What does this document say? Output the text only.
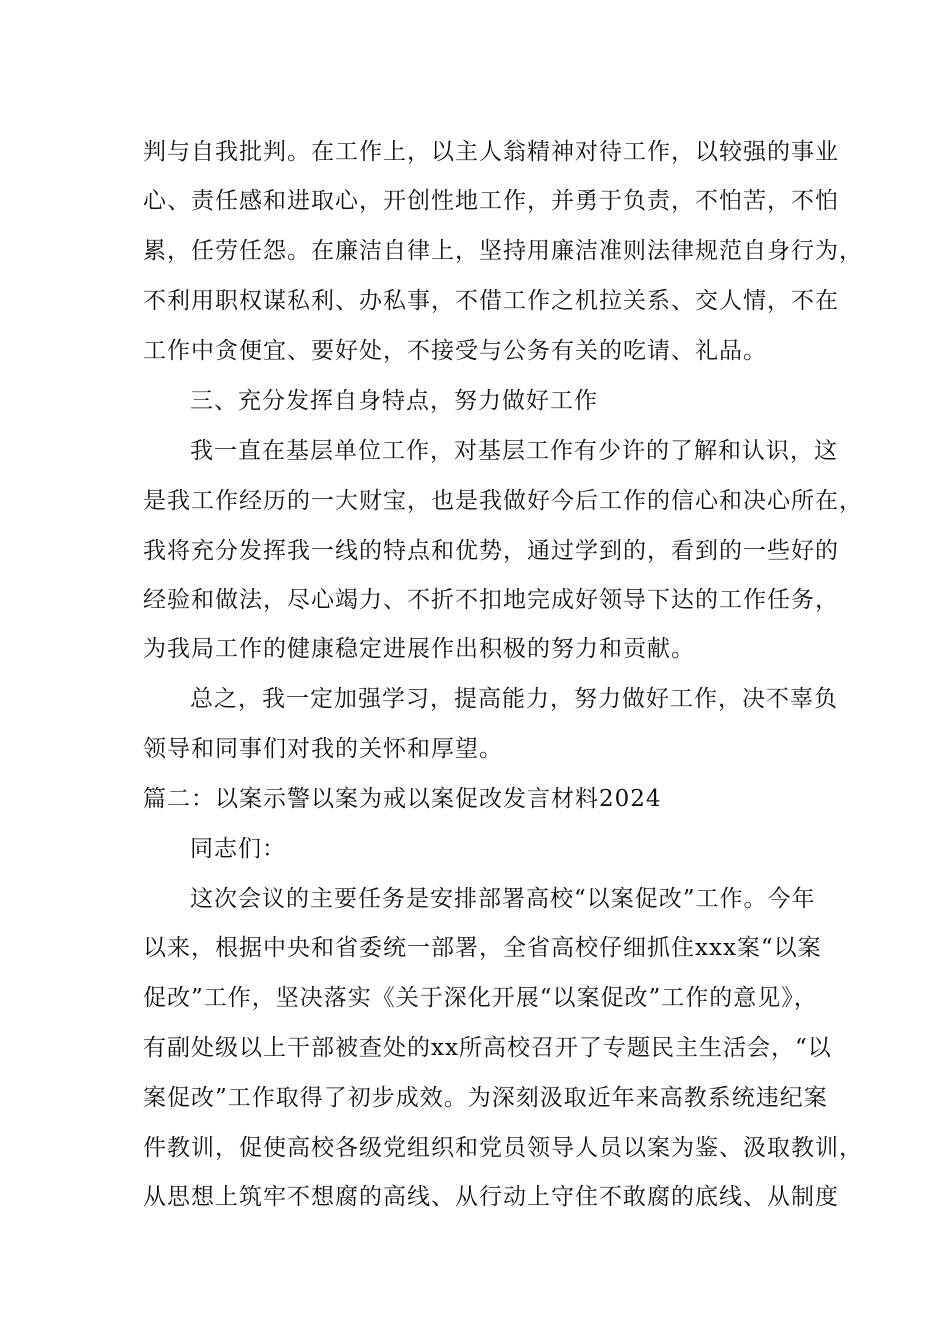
判与自我批判。在工作上，以主人翁精神对待工作，以较强的事业
心、责任感和进取心，开创性地工作，并勇于负责，不怕苦，不怕
累，任劳任怨。在廉洁自律上，坚持用廉洁准则法律规范自身行为，
不利用职权谋私利、办私事，不借工作之机拉关系、交人情，不在
工作中贪便宜、要好处，不接受与公务有关的吃请、礼品。
三、充分发挥自身特点，努力做好工作
我一直在基层单位工作，对基层工作有少许的了解和认识，这
是我工作经历的一大财宝，也是我做好今后工作的信心和决心所在，
我将充分发挥我一线的特点和优势，通过学到的，看到的一些好的
经验和做法，尽心竭力、不折不扣地完成好领导下达的工作任务，
为我局工作的健康稳定进展作出积极的努力和贡献。
总之，我一定加强学习，提高能力，努力做好工作，决不辜负
领导和同事们对我的关怀和厚望。
篇二：以案示警以案为戒以案促改发言材料2024
同志们：
这次会议的主要任务是安排部署高校“以案促改”工作。今年
以来，根据中央和省委统一部署，全省高校仔细抓住xxx案“以案
促改”工作，坚决落实《关于深化开展“以案促改”工作的意见》，
有副处级以上干部被查处的xx所高校召开了专题民主生活会，“以
案促改”工作取得了初步成效。为深刻汲取近年来高教系统违纪案
件教训，促使高校各级党组织和党员领导人员以案为鉴、汲取教训，
从思想上筑牢不想腐的高线、从行动上守住不敢腐的底线、从制度
